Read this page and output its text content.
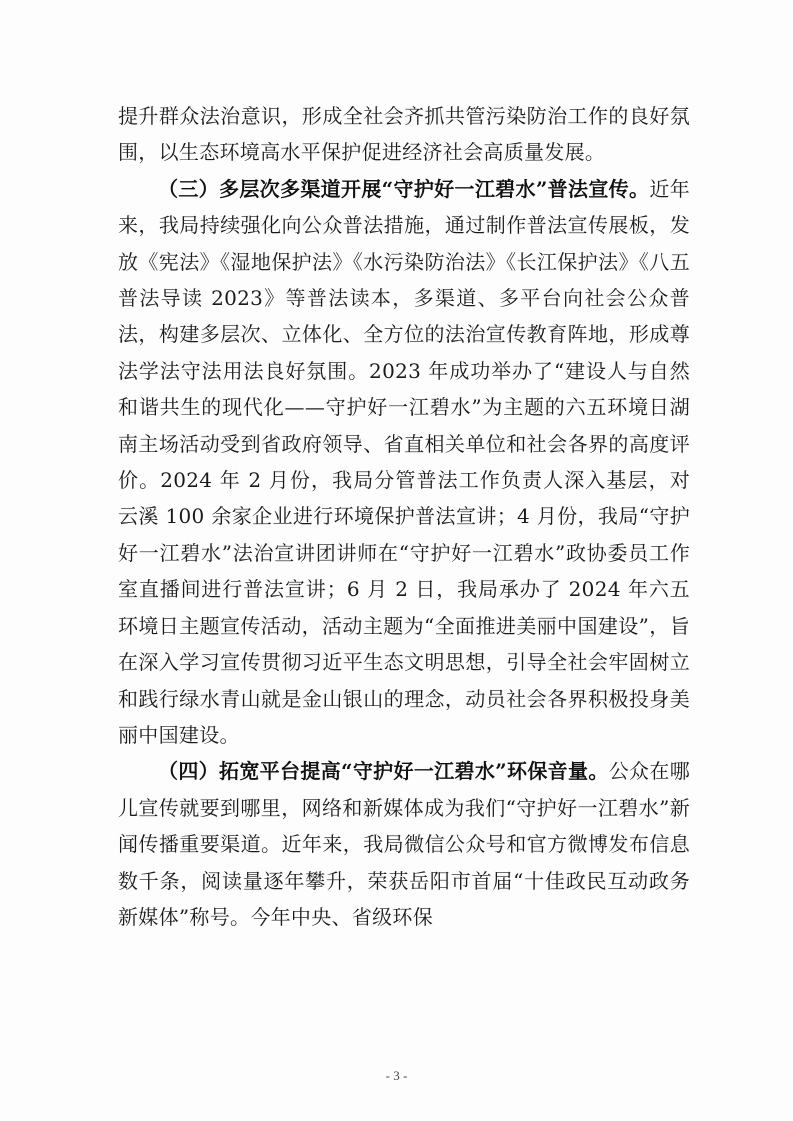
提升群众法治意识，形成全社会齐抓共管污染防治工作的良好氛围，以生态环境高水平保护促进经济社会高质量发展。

（三）多层次多渠道开展“守护好一江碧水”普法宣传。近年来，我局持续强化向公众普法措施，通过制作普法宣传展板，发放《宪法》《湿地保护法》《水污染防治法》《长江保护法》《八五普法导读 2023》等普法读本，多渠道、多平台向社会公众普法，构建多层次、立体化、全方位的法治宣传教育阵地，形成尊法学法守法用法良好氛围。2023 年成功举办了“建设人与自然和谐共生的现代化——守护好一江碧水”为主题的六五环境日湖南主场活动受到省政府领导、省直相关单位和社会各界的高度评价。2024 年 2 月份，我局分管普法工作负责人深入基层，对云溪 100 余家企业进行环境保护普法宣讲；4 月份，我局“守护好一江碧水”法治宣讲团讲师在“守护好一江碧水”政协委员工作室直播间进行普法宣讲；6 月 2 日，我局承办了 2024 年六五环境日主题宣传活动，活动主题为“全面推进美丽中国建设”，旨在深入学习宣传贯彻习近平生态文明思想，引导全社会牢固树立和践行绿水青山就是金山银山的理念，动员社会各界积极投身美丽中国建设。

（四）拓宽平台提高“守护好一江碧水”环保音量。公众在哪儿宣传就要到哪里，网络和新媒体成为我们“守护好一江碧水”新闻传播重要渠道。近年来，我局微信公众号和官方微博发布信息数千条，阅读量逐年攀升，荣获岳阳市首届“十佳政民互动政务新媒体”称号。今年中央、省级环保

- 3 -
